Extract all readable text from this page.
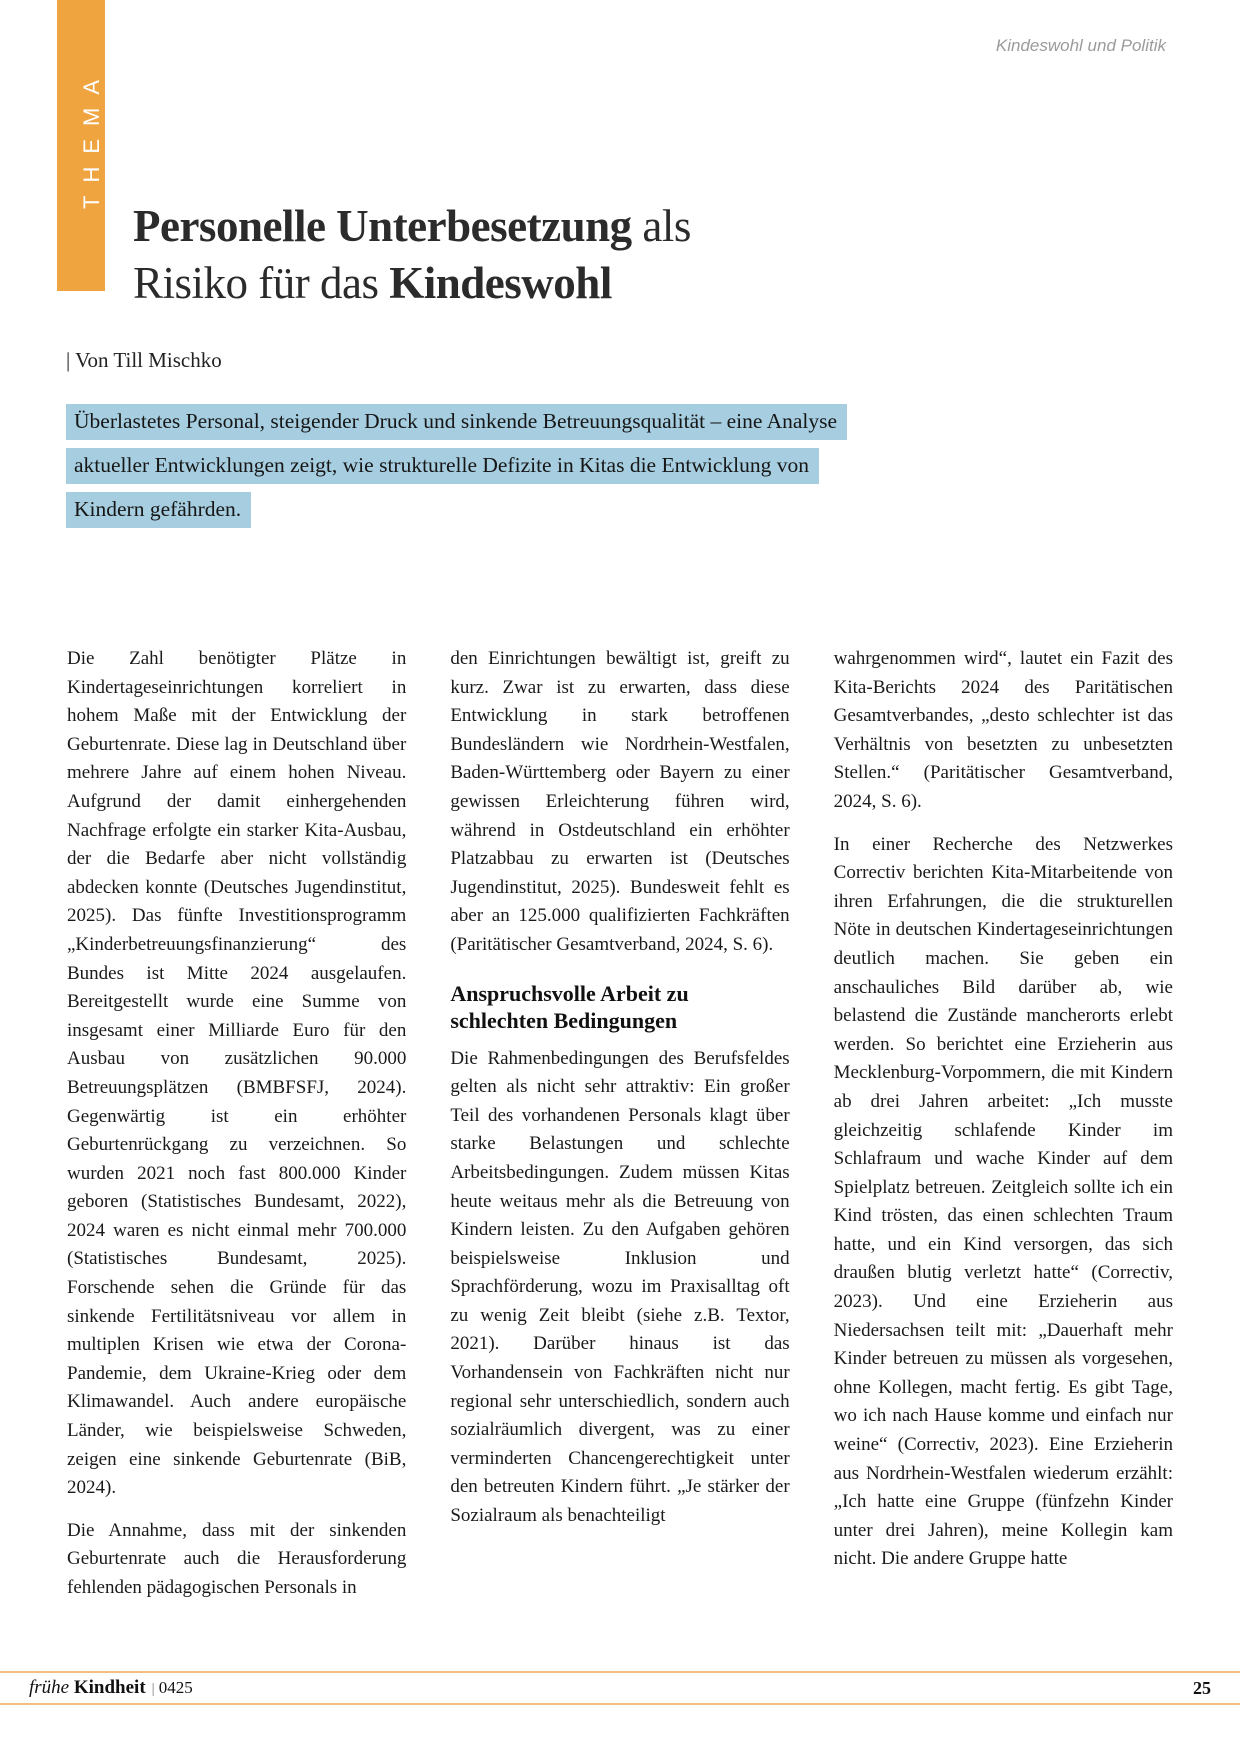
THEMA
Kindeswohl und Politik
Personelle Unterbesetzung als
Risiko für das Kindeswohl
| Von Till Mischko
Überlastetes Personal, steigender Druck und sinkende Betreuungsqualität – eine Analyse
aktueller Entwicklungen zeigt, wie strukturelle Defizite in Kitas die Entwicklung von
Kindern gefährden.

Die Zahl benötigter Plätze in Kindertageseinrichtungen korreliert in hohem Maße mit der Entwicklung der Geburtenrate. Diese lag in Deutschland über mehrere Jahre auf einem hohen Niveau. Aufgrund der damit einhergehenden Nachfrage erfolgte ein starker Kita-Ausbau, der die Bedarfe aber nicht vollständig abdecken konnte (Deutsches Jugendinstitut, 2025). Das fünfte Investitionsprogramm „Kinderbetreuungsfinanzierung“ des Bundes ist Mitte 2024 ausgelaufen. Bereitgestellt wurde eine Summe von insgesamt einer Milliarde Euro für den Ausbau von zusätzlichen 90.000 Betreuungsplätzen (BMBFSFJ, 2024). Gegenwärtig ist ein erhöhter Geburtenrückgang zu verzeichnen. So wurden 2021 noch fast 800.000 Kinder geboren (Statistisches Bundesamt, 2022), 2024 waren es nicht einmal mehr 700.000 (Statistisches Bundesamt, 2025). Forschende sehen die Gründe für das sinkende Fertilitätsniveau vor allem in multiplen Krisen wie etwa der Corona-Pandemie, dem Ukraine-Krieg oder dem Klimawandel. Auch andere europäische Länder, wie beispielsweise Schweden, zeigen eine sinkende Geburtenrate (BiB, 2024).

Die Annahme, dass mit der sinkenden Geburtenrate auch die Herausforderung fehlenden pädagogischen Personals in

den Einrichtungen bewältigt ist, greift zu kurz. Zwar ist zu erwarten, dass diese Entwicklung in stark betroffenen Bundesländern wie Nordrhein-Westfalen, Baden-Württemberg oder Bayern zu einer gewissen Erleichterung führen wird, während in Ostdeutschland ein erhöhter Platzabbau zu erwarten ist (Deutsches Jugendinstitut, 2025). Bundesweit fehlt es aber an 125.000 qualifizierten Fachkräften (Paritätischer Gesamtverband, 2024, S. 6).

Anspruchsvolle Arbeit zu schlechten Bedingungen

Die Rahmenbedingungen des Berufsfeldes gelten als nicht sehr attraktiv: Ein großer Teil des vorhandenen Personals klagt über starke Belastungen und schlechte Arbeitsbedingungen. Zudem müssen Kitas heute weitaus mehr als die Betreuung von Kindern leisten. Zu den Aufgaben gehören beispielsweise Inklusion und Sprachförderung, wozu im Praxisalltag oft zu wenig Zeit bleibt (siehe z.B. Textor, 2021). Darüber hinaus ist das Vorhandensein von Fachkräften nicht nur regional sehr unterschiedlich, sondern auch sozialräumlich divergent, was zu einer verminderten Chancengerechtigkeit unter den betreuten Kindern führt. „Je stärker der Sozialraum als benachteiligt

wahrgenommen wird“, lautet ein Fazit des Kita-Berichts 2024 des Paritätischen Gesamtverbandes, „desto schlechter ist das Verhältnis von besetzten zu unbesetzten Stellen.“ (Paritätischer Gesamtverband, 2024, S. 6).

In einer Recherche des Netzwerkes Correctiv berichten Kita-Mitarbeitende von ihren Erfahrungen, die die strukturellen Nöte in deutschen Kindertageseinrichtungen deutlich machen. Sie geben ein anschauliches Bild darüber ab, wie belastend die Zustände mancherorts erlebt werden. So berichtet eine Erzieherin aus Mecklenburg-Vorpommern, die mit Kindern ab drei Jahren arbeitet: „Ich musste gleichzeitig schlafende Kinder im Schlafraum und wache Kinder auf dem Spielplatz betreuen. Zeitgleich sollte ich ein Kind trösten, das einen schlechten Traum hatte, und ein Kind versorgen, das sich draußen blutig verletzt hatte“ (Correctiv, 2023). Und eine Erzieherin aus Niedersachsen teilt mit: „Dauerhaft mehr Kinder betreuen zu müssen als vorgesehen, ohne Kollegen, macht fertig. Es gibt Tage, wo ich nach Hause komme und einfach nur weine“ (Correctiv, 2023). Eine Erzieherin aus Nordrhein-Westfalen wiederum erzählt: „Ich hatte eine Gruppe (fünfzehn Kinder unter drei Jahren), meine Kollegin kam nicht. Die andere Gruppe hatte

frühe Kindheit | 0425	25
